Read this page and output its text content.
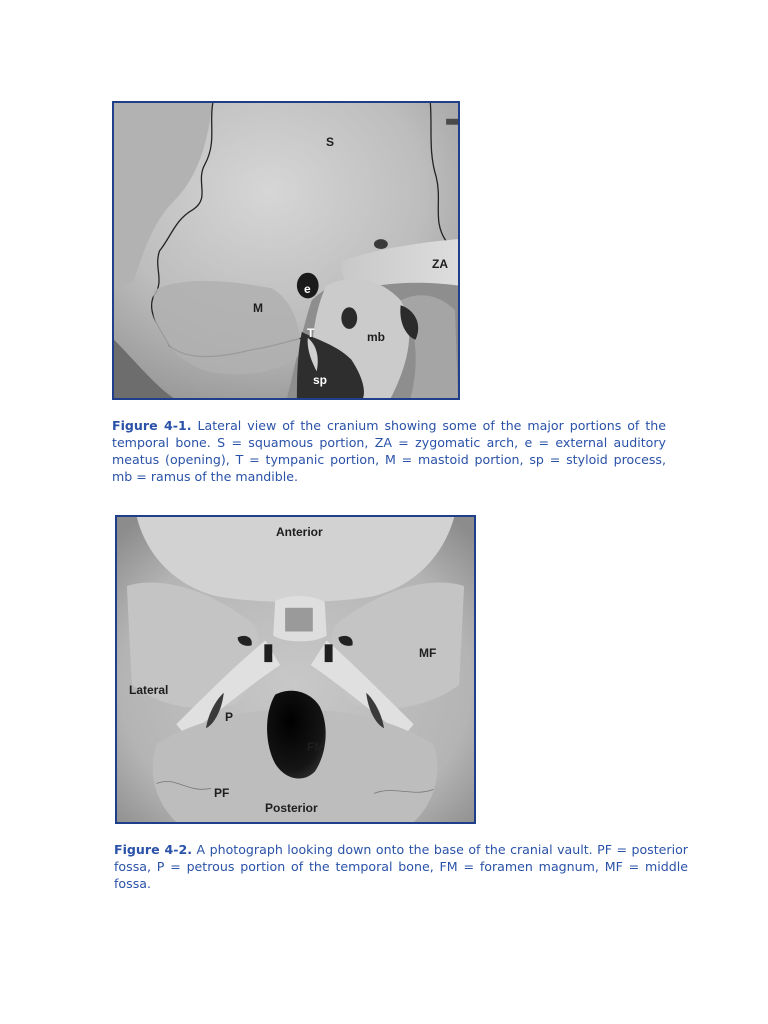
S
ZA
e
M
T	mb
sp

Figure 4-1. Lateral view of the cranium showing some of the major portions of the temporal bone. S = squamous portion, ZA = zygomatic arch, e = external auditory meatus (opening), T = tympanic portion, M = mastoid portion, sp = styloid process, mb = ramus of the mandible.

Anterior
MF
Lateral
P
FM
PF
Posterior

Figure 4-2. A photograph looking down onto the base of the cranial vault. PF = posterior fossa, P = petrous portion of the temporal bone, FM = foramen magnum, MF = middle fossa.
